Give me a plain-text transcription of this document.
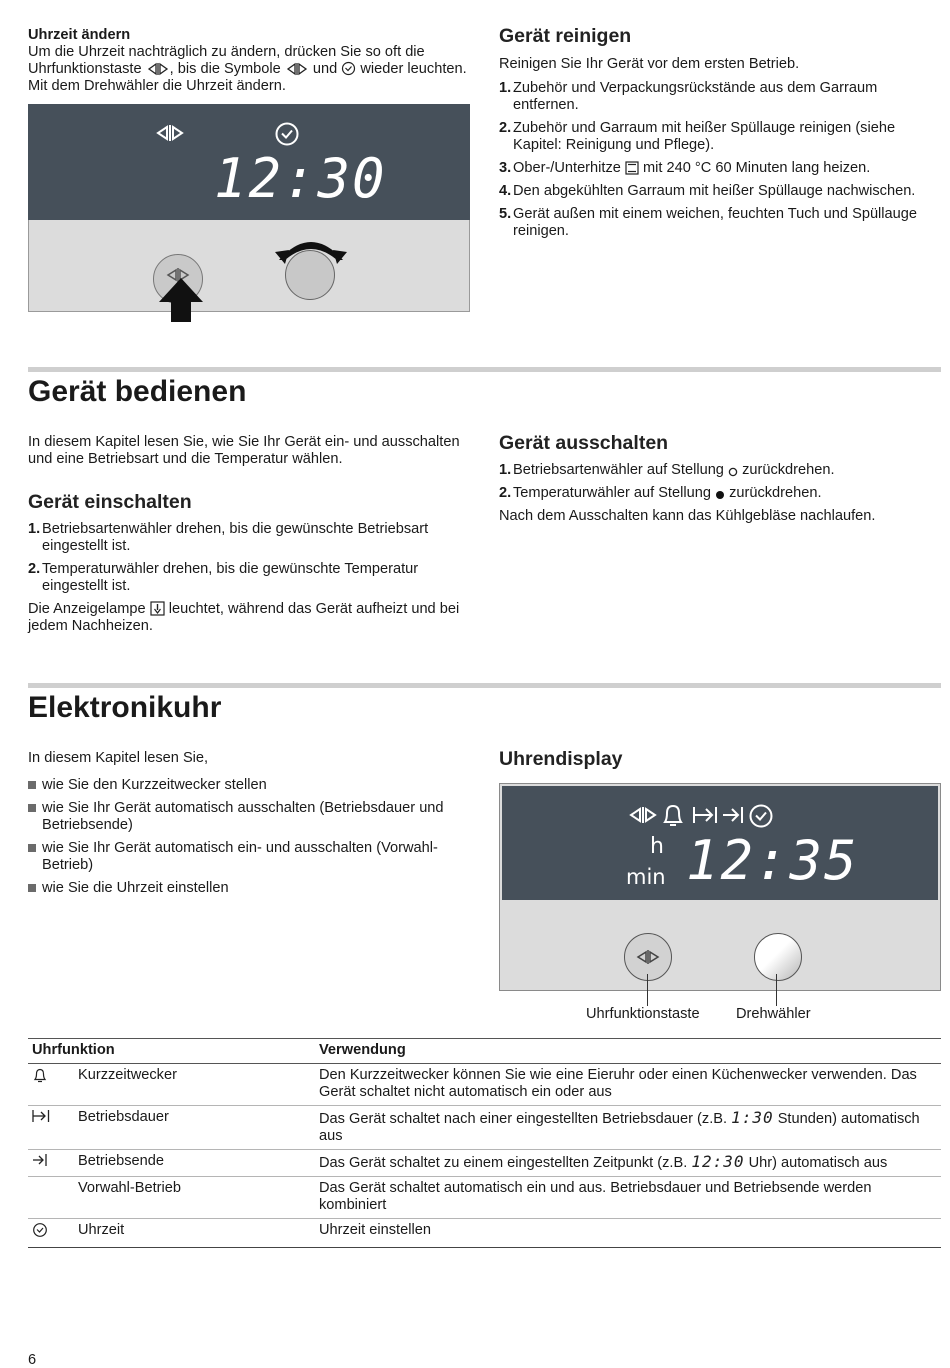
Uhrzeit ändern
Um die Uhrzeit nachträglich zu ändern, drücken Sie so oft die Uhrfunktionstaste , bis die Symbole und wieder leuchten. Mit dem Drehwähler die Uhrzeit ändern.
12:30
Gerät reinigen

Reinigen Sie Ihr Gerät vor dem ersten Betrieb.

1. Zubehör und Verpackungsrückstände aus dem Garraum entfernen.
2. Zubehör und Garraum mit heißer Spüllauge reinigen (siehe Kapitel: Reinigung und Pflege).
3. Ober-/Unterhitze mit 240 °C 60 Minuten lang heizen.
4. Den abgekühlten Garraum mit heißer Spüllauge nachwischen.
5. Gerät außen mit einem weichen, feuchten Tuch und Spüllauge reinigen.
Gerät bedienen

In diesem Kapitel lesen Sie, wie Sie Ihr Gerät ein- und ausschalten und eine Betriebsart und die Temperatur wählen.

Gerät einschalten
1. Betriebsartenwähler drehen, bis die gewünschte Betriebsart eingestellt ist.
2. Temperaturwähler drehen, bis die gewünschte Temperatur eingestellt ist.

Die Anzeigelampe leuchtet, während das Gerät aufheizt und bei jedem Nachheizen.

Gerät ausschalten
1. Betriebsartenwähler auf Stellung zurückdrehen.
2. Temperaturwähler auf Stellung zurückdrehen.

Nach dem Ausschalten kann das Kühlgebläse nachlaufen.

Elektronikuhr

In diesem Kapitel lesen Sie,

wie Sie den Kurzzeitwecker stellen
wie Sie Ihr Gerät automatisch ausschalten (Betriebsdauer und Betriebsende)
wie Sie Ihr Gerät automatisch ein- und ausschalten (Vorwahl-Betrieb)
wie Sie die Uhrzeit einstellen
Uhrendisplay
h
min 12:35
Uhrfunktionstaste Drehwähler
Uhrfunktion		Verwendung
	Kurzzeitwecker	Den Kurzzeitwecker können Sie wie eine Eieruhr oder einen Küchenwecker verwenden. Das Gerät schaltet nicht automatisch ein oder aus
	Betriebsdauer	Das Gerät schaltet nach einer eingestellten Betriebsdauer (z.B. 1:30 Stunden) automatisch aus
	Betriebsende	Das Gerät schaltet zu einem eingestellten Zeitpunkt (z.B. 12:30 Uhr) automatisch aus
	Vorwahl-Betrieb	Das Gerät schaltet automatisch ein und aus. Betriebsdauer und Betriebsende werden kombiniert
	Uhrzeit	Uhrzeit einstellen
6
